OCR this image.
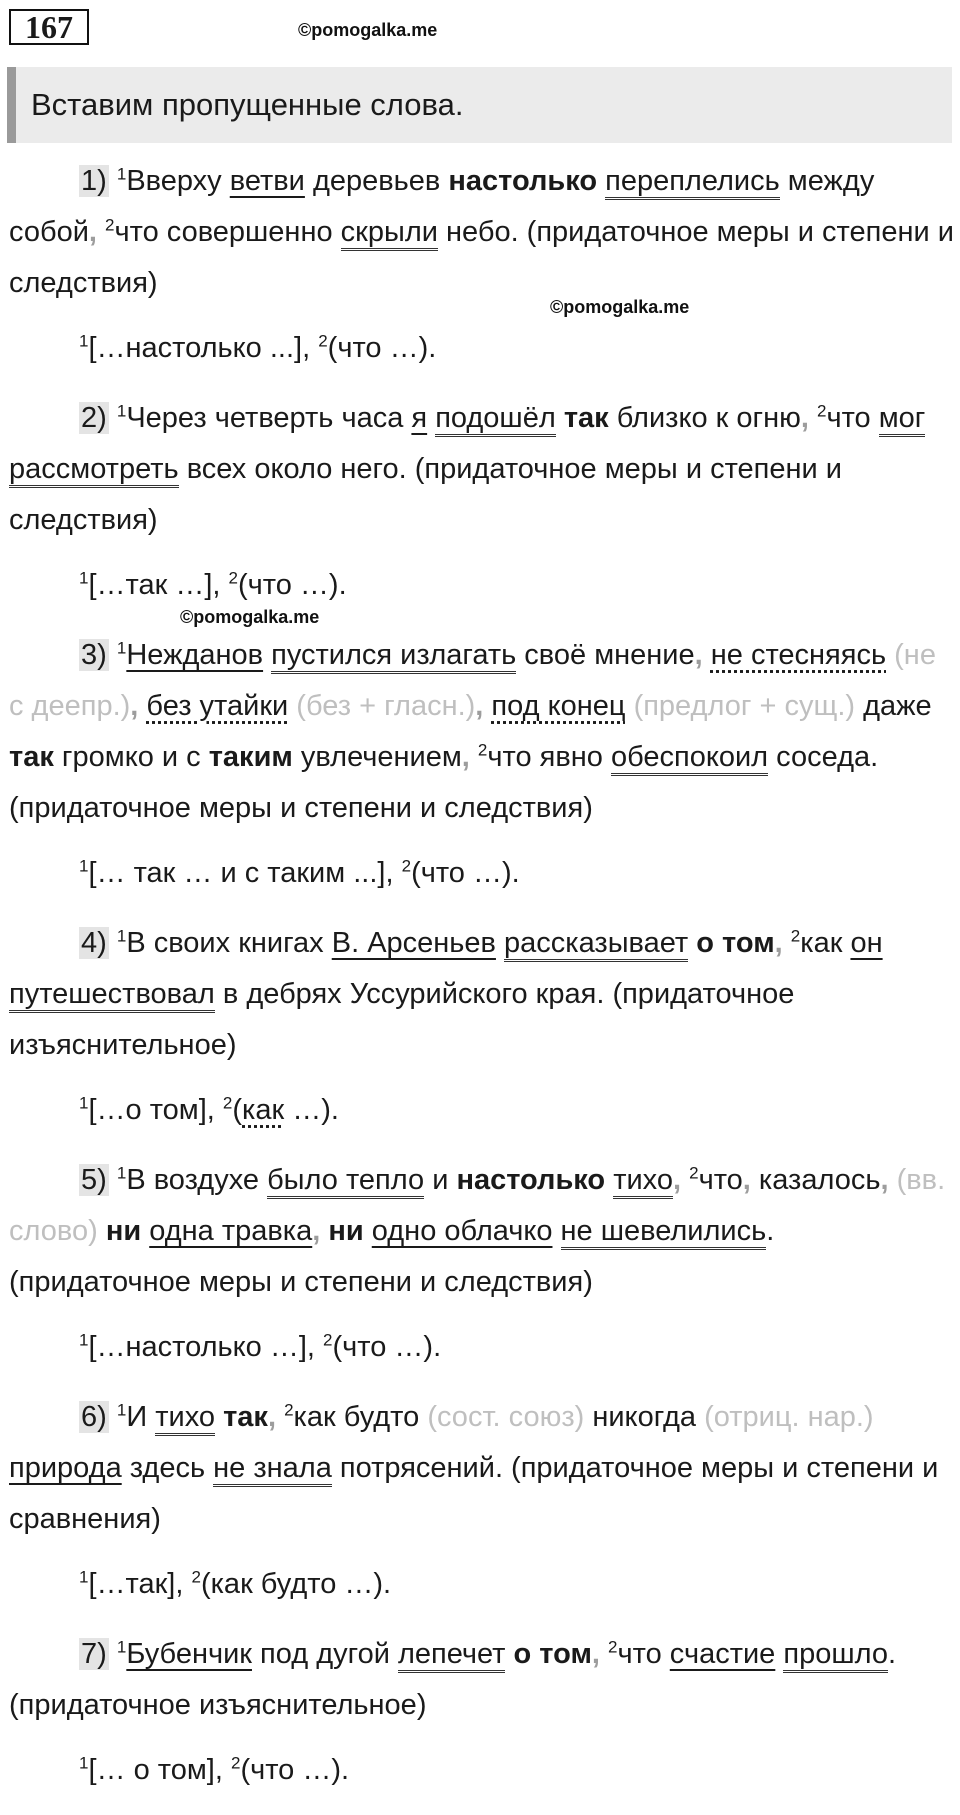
167	©pomogalka.me
©pomogalka.me
©pomogalka.me
Вставим пропущенные слова.

1) $^1$Вверху ветви деревьев настолько переплелись между собой, $^2$что совершенно скрыли небо. (придаточное меры и степени и следствия)

$^1$[…настолько ...], $^2$(что …).

2) $^1$Через четверть часа я подошёл так близко к огню, $^2$что мог рассмотреть всех около него. (придаточное меры и степени и следствия)

$^1$[…так …], $^2$(что …).

3) $^1$Нежданов пустился излагать своё мнение, не стесняясь (не с деепр.), без утайки (без + гласн.), под конец (предлог + сущ.) даже так громко и с таким увлечением, $^2$что явно обеспокоил соседа. (придаточное меры и степени и следствия)

$^1$[… так … и с таким ...], $^2$(что …).

4) $^1$В своих книгах В. Арсеньев рассказывает о том, $^2$как он путешествовал в дебрях Уссурийского края. (придаточное изъяснительное)

$^1$[…о том], $^2$(как …).

5) $^1$В воздухе было тепло и настолько тихо, $^2$что, казалось, (вв. слово) ни одна травка, ни одно облачко не шевелились. (придаточное меры и степени и следствия)

$^1$[…настолько …], $^2$(что …).

6) $^1$И тихо так, $^2$как будто (сост. союз) никогда (отриц. нар.) природа здесь не знала потрясений. (придаточное меры и степени и сравнения)

$^1$[…так], $^2$(как будто …).

7) $^1$Бубенчик под дугой лепечет о том, $^2$что счастие прошло. (придаточное изъяснительное)

$^1$[… о том], $^2$(что …).
